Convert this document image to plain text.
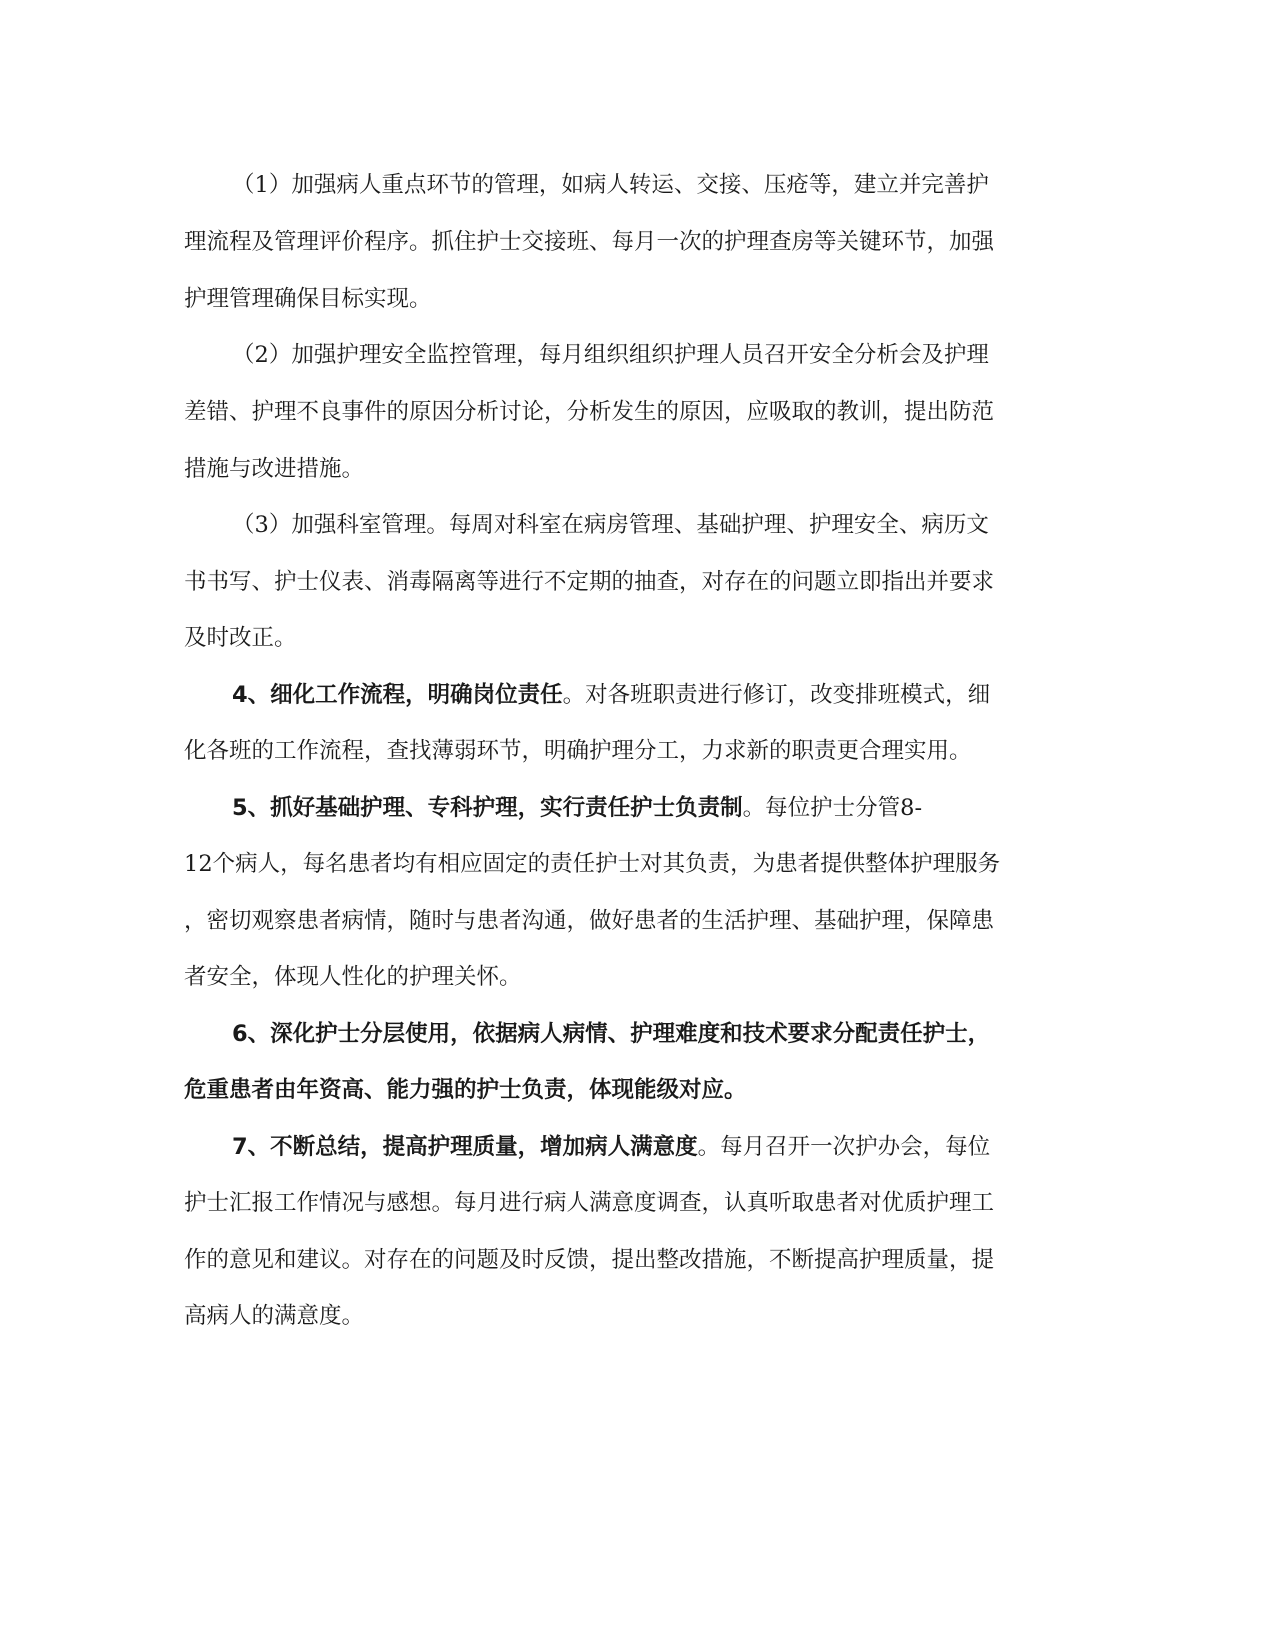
（1）加强病人重点环节的管理，如病人转运、交接、压疮等，建立并完善护
理流程及管理评价程序。抓住护士交接班、每月一次的护理查房等关键环节，加强
护理管理确保目标实现。
（2）加强护理安全监控管理，每月组织组织护理人员召开安全分析会及护理
差错、护理不良事件的原因分析讨论，分析发生的原因，应吸取的教训，提出防范
措施与改进措施。
（3）加强科室管理。每周对科室在病房管理、基础护理、护理安全、病历文
书书写、护士仪表、消毒隔离等进行不定期的抽查，对存在的问题立即指出并要求
及时改正。
4、细化工作流程，明确岗位责任。对各班职责进行修订，改变排班模式，细
化各班的工作流程，查找薄弱环节，明确护理分工，力求新的职责更合理实用。
5、抓好基础护理、专科护理，实行责任护士负责制。每位护士分管8-
12个病人，每名患者均有相应固定的责任护士对其负责，为患者提供整体护理服务
，密切观察患者病情，随时与患者沟通，做好患者的生活护理、基础护理，保障患
者安全，体现人性化的护理关怀。
6、深化护士分层使用，依据病人病情、护理难度和技术要求分配责任护士，
危重患者由年资高、能力强的护士负责，体现能级对应。
7、不断总结，提高护理质量，增加病人满意度。每月召开一次护办会，每位
护士汇报工作情况与感想。每月进行病人满意度调查，认真听取患者对优质护理工
作的意见和建议。对存在的问题及时反馈，提出整改措施，不断提高护理质量，提
高病人的满意度。
